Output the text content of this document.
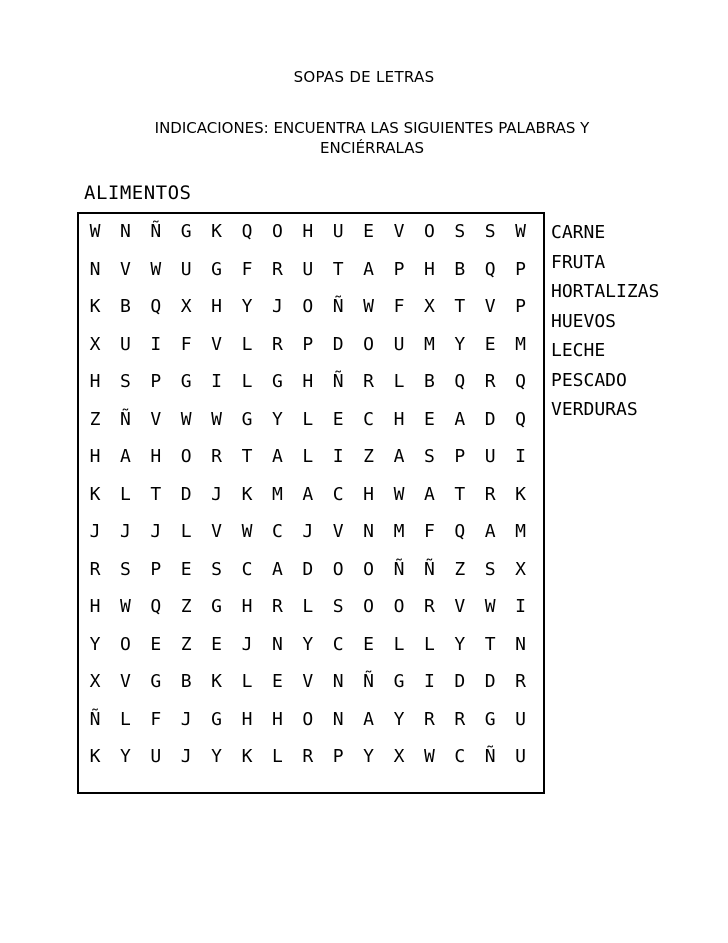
SOPAS DE LETRAS
INDICACIONES: ENCUENTRA LAS SIGUIENTES PALABRAS Y
ENCIÉRRALAS
ALIMENTOS
W	N	Ñ	G	K	Q	O	H	U	E	V	O	S	S	W
N	V	W	U	G	F	R	U	T	A	P	H	B	Q	P
K	B	Q	X	H	Y	J	O	Ñ	W	F	X	T	V	P
X	U	I	F	V	L	R	P	D	O	U	M	Y	E	M
H	S	P	G	I	L	G	H	Ñ	R	L	B	Q	R	Q
Z	Ñ	V	W	W	G	Y	L	E	C	H	E	A	D	Q
H	A	H	O	R	T	A	L	I	Z	A	S	P	U	I
K	L	T	D	J	K	M	A	C	H	W	A	T	R	K
J	J	J	L	V	W	C	J	V	N	M	F	Q	A	M
R	S	P	E	S	C	A	D	O	O	Ñ	Ñ	Z	S	X
H	W	Q	Z	G	H	R	L	S	O	O	R	V	W	I
Y	O	E	Z	E	J	N	Y	C	E	L	L	Y	T	N
X	V	G	B	K	L	E	V	N	Ñ	G	I	D	D	R
Ñ	L	F	J	G	H	H	O	N	A	Y	R	R	G	U
K	Y	U	J	Y	K	L	R	P	Y	X	W	C	Ñ	U
CARNE
FRUTA
HORTALIZAS
HUEVOS
LECHE
PESCADO
VERDURAS
